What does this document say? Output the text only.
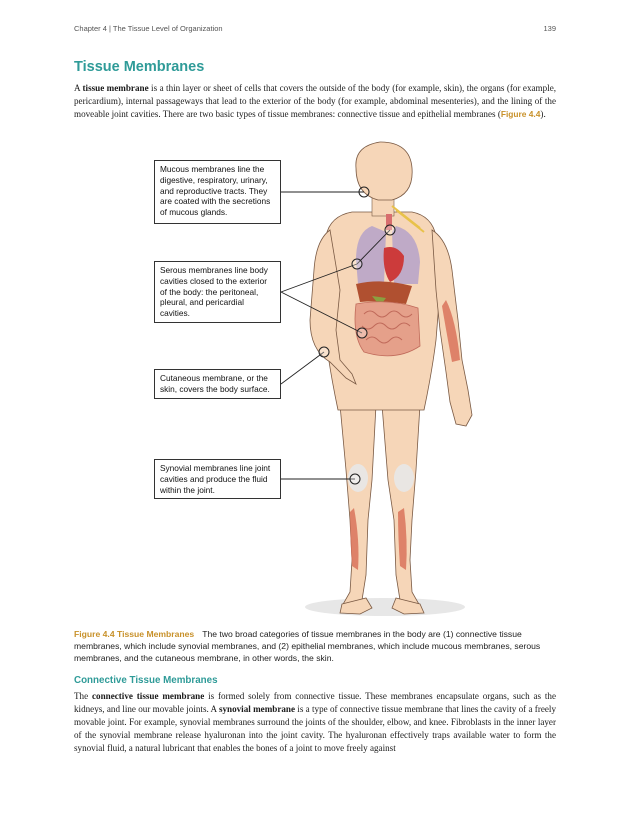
Chapter 4 | The Tissue Level of Organization	139
Tissue Membranes

A tissue membrane is a thin layer or sheet of cells that covers the outside of the body (for example, skin), the organs (for example, pericardium), internal passageways that lead to the exterior of the body (for example, abdominal mesenteries), and the lining of the moveable joint cavities. There are two basic types of tissue membranes: connective tissue and epithelial membranes (Figure 4.4).

Mucous membranes line the digestive, respiratory, urinary, and reproductive tracts. They are coated with the secretions of mucous glands.
Serous membranes line body cavities closed to the exterior of the body: the peritoneal, pleural, and pericardial cavities.
Cutaneous membrane, or the skin, covers the body surface.
Synovial membranes line joint cavities and produce the fluid within the joint.

Figure 4.4 Tissue Membranes The two broad categories of tissue membranes in the body are (1) connective tissue membranes, which include synovial membranes, and (2) epithelial membranes, which include mucous membranes, serous membranes, and the cutaneous membrane, in other words, the skin.

Connective Tissue Membranes

The connective tissue membrane is formed solely from connective tissue. These membranes encapsulate organs, such as the kidneys, and line our movable joints. A synovial membrane is a type of connective tissue membrane that lines the cavity of a freely movable joint. For example, synovial membranes surround the joints of the shoulder, elbow, and knee. Fibroblasts in the inner layer of the synovial membrane release hyaluronan into the joint cavity. The hyaluronan effectively traps available water to form the synovial fluid, a natural lubricant that enables the bones of a joint to move freely against
